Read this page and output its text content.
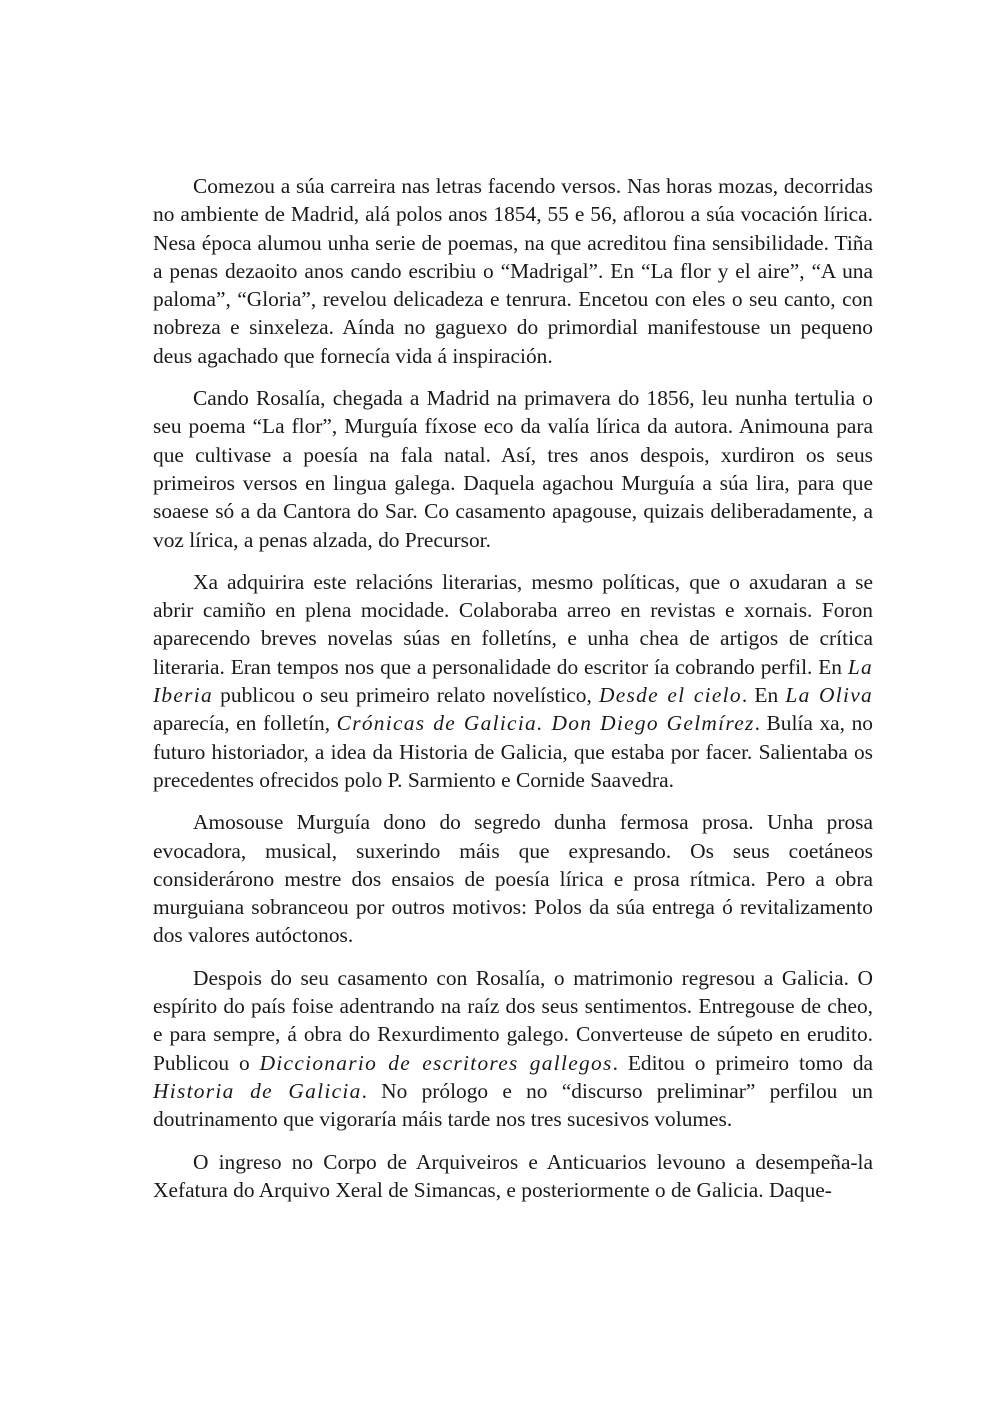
Comezou a súa carreira nas letras facendo versos. Nas horas mozas, decorridas no ambiente de Madrid, alá polos anos 1854, 55 e 56, aflorou a súa vocación lírica. Nesa época alumou unha serie de poemas, na que acreditou fina sensibilidade. Tiña a penas dezaoito anos cando escribiu o “Madrigal”. En “La flor y el aire”, “A una paloma”, “Gloria”, revelou delicadeza e tenrura. Encetou con eles o seu canto, con nobreza e sinxeleza. Aínda no gaguexo do primordial manifestouse un pequeno deus agachado que fornecía vida á inspiración.

Cando Rosalía, chegada a Madrid na primavera do 1856, leu nunha tertulia o seu poema “La flor”, Murguía fíxose eco da valía lírica da autora. Animouna para que cultivase a poesía na fala natal. Así, tres anos despois, xurdiron os seus primeiros versos en lingua galega. Daquela agachou Murguía a súa lira, para que soaese só a da Cantora do Sar. Co casamento apagouse, quizais deliberadamente, a voz lírica, a penas alzada, do Precursor.

Xa adquirira este relacións literarias, mesmo políticas, que o axudaran a se abrir camiño en plena mocidade. Colaboraba arreo en revistas e xornais. Foron aparecendo breves novelas súas en folletíns, e unha chea de artigos de crítica literaria. Eran tempos nos que a personalidade do escritor ía cobrando perfil. En La Iberia publicou o seu primeiro relato novelístico, Desde el cielo. En La Oliva aparecía, en folletín, Crónicas de Galicia. Don Diego Gelmírez. Bulía xa, no futuro historiador, a idea da Historia de Galicia, que estaba por facer. Salientaba os precedentes ofrecidos polo P. Sarmiento e Cornide Saavedra.

Amosouse Murguía dono do segredo dunha fermosa prosa. Unha prosa evocadora, musical, suxerindo máis que expresando. Os seus coetáneos considerárono mestre dos ensaios de poesía lírica e prosa rítmica. Pero a obra murguiana sobranceou por outros motivos: Polos da súa entrega ó revitalizamento dos valores autóctonos.

Despois do seu casamento con Rosalía, o matrimonio regresou a Galicia. O espírito do país foise adentrando na raíz dos seus sentimentos. Entregouse de cheo, e para sempre, á obra do Rexurdimento galego. Converteuse de súpeto en erudito. Publicou o Diccionario de escritores gallegos. Editou o primeiro tomo da Historia de Galicia. No prólogo e no “discurso preliminar” perfilou un doutrinamento que vigoraría máis tarde nos tres sucesivos volumes.

O ingreso no Corpo de Arquiveiros e Anticuarios levouno a desempeña-la Xefatura do Arquivo Xeral de Simancas, e posteriormente o de Galicia. Daque-
